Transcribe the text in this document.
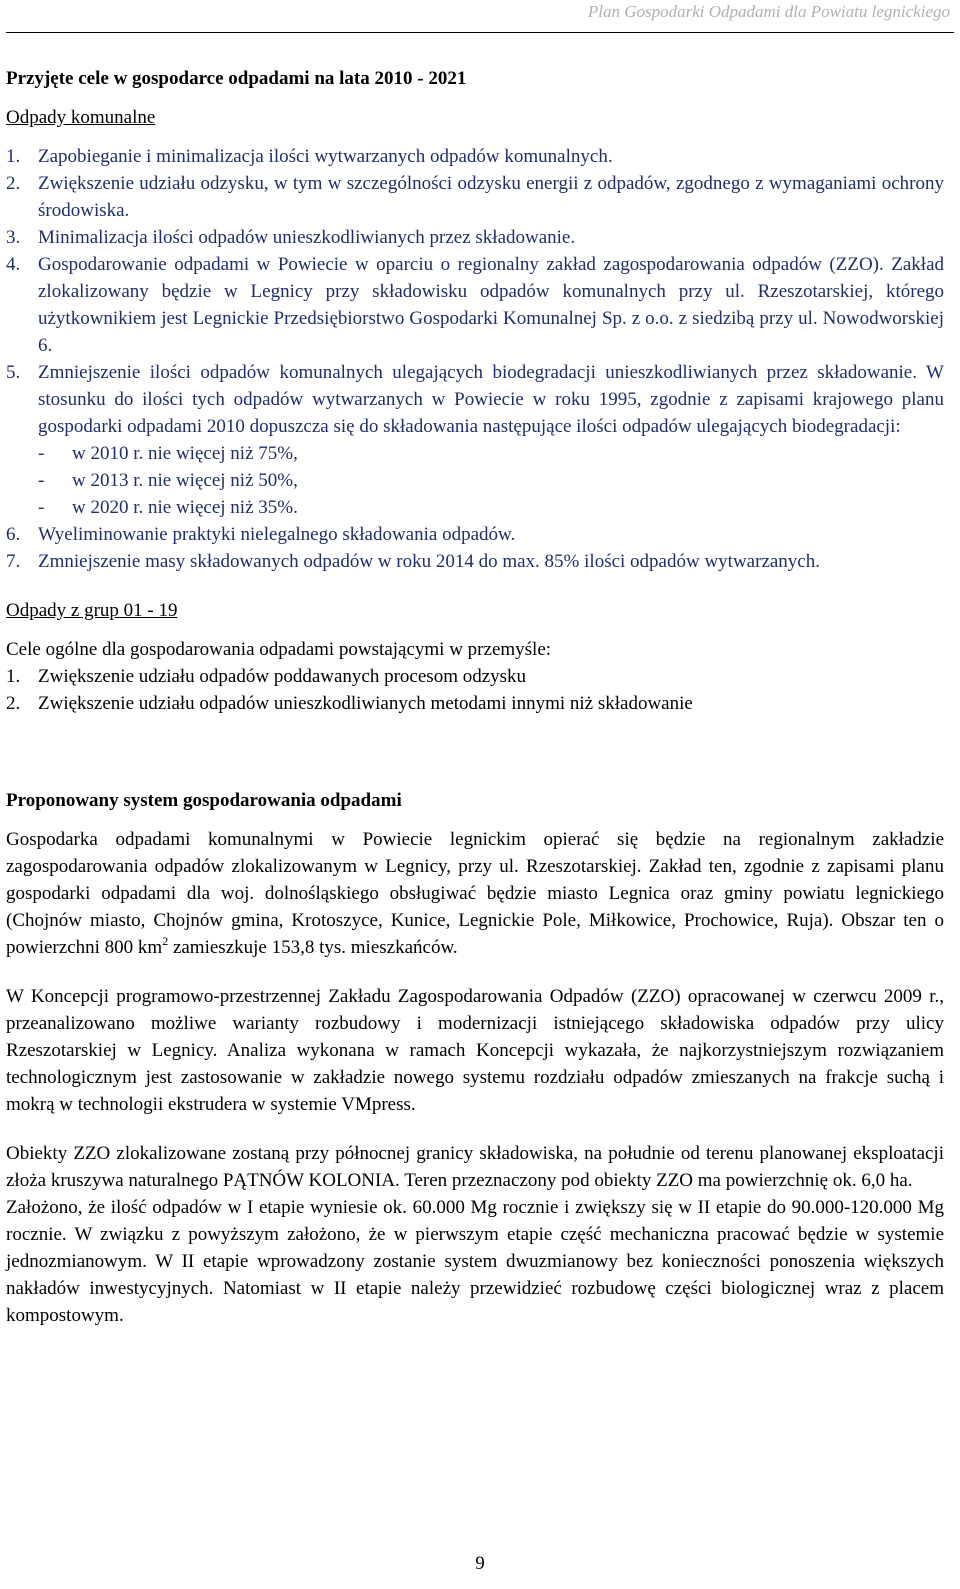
Plan Gospodarki Odpadami dla Powiatu legnickiego
Przyjęte cele w gospodarce odpadami na lata 2010 - 2021
Odpady komunalne
1. Zapobieganie i minimalizacja ilości wytwarzanych odpadów komunalnych.
2. Zwiększenie udziału odzysku, w tym w szczególności odzysku energii z odpadów, zgodnego z wymaganiami ochrony środowiska.
3. Minimalizacja ilości odpadów unieszkodliwianych przez składowanie.
4. Gospodarowanie odpadami w Powiecie w oparciu o regionalny zakład zagospodarowania odpadów (ZZO). Zakład zlokalizowany będzie w Legnicy przy składowisku odpadów komunalnych przy ul. Rzeszotarskiej, którego użytkownikiem jest Legnickie Przedsiębiorstwo Gospodarki Komunalnej Sp. z o.o. z siedzibą przy ul. Nowodworskiej 6.
5. Zmniejszenie ilości odpadów komunalnych ulegających biodegradacji unieszkodliwianych przez składowanie. W stosunku do ilości tych odpadów wytwarzanych w Powiecie w roku 1995, zgodnie z zapisami krajowego planu gospodarki odpadami 2010 dopuszcza się do składowania następujące ilości odpadów ulegających biodegradacji:
-	w 2010 r. nie więcej niż 75%,
-	w 2013 r. nie więcej niż 50%,
-	w 2020 r. nie więcej niż 35%.
6. Wyeliminowanie praktyki nielegalnego składowania odpadów.
7. Zmniejszenie masy składowanych odpadów w roku 2014 do max. 85% ilości odpadów wytwarzanych.
Odpady z grup 01 - 19

Cele ogólne dla gospodarowania odpadami powstającymi w przemyśle:

1. Zwiększenie udziału odpadów poddawanych procesom odzysku
2. Zwiększenie udziału odpadów unieszkodliwianych metodami innymi niż składowanie
Proponowany system gospodarowania odpadami

Gospodarka odpadami komunalnymi w Powiecie legnickim opierać się będzie na regionalnym zakładzie zagospodarowania odpadów zlokalizowanym w Legnicy, przy ul. Rzeszotarskiej. Zakład ten, zgodnie z zapisami planu gospodarki odpadami dla woj. dolnośląskiego obsługiwać będzie miasto Legnica oraz gminy powiatu legnickiego (Chojnów miasto, Chojnów gmina, Krotoszyce, Kunice, Legnickie Pole, Miłkowice, Prochowice, Ruja). Obszar ten o powierzchni 800 $km^2$ zamieszkuje 153,8 tys. mieszkańców.

W Koncepcji programowo-przestrzennej Zakładu Zagospodarowania Odpadów (ZZO) opracowanej w czerwcu 2009 r., przeanalizowano możliwe warianty rozbudowy i modernizacji istniejącego składowiska odpadów przy ulicy Rzeszotarskiej w Legnicy. Analiza wykonana w ramach Koncepcji wykazała, że najkorzystniejszym rozwiązaniem technologicznym jest zastosowanie w zakładzie nowego systemu rozdziału odpadów zmieszanych na frakcje suchą i mokrą w technologii ekstrudera w systemie VMpress.

Obiekty ZZO zlokalizowane zostaną przy północnej granicy składowiska, na południe od terenu planowanej eksploatacji złoża kruszywa naturalnego PĄTNÓW KOLONIA. Teren przeznaczony pod obiekty ZZO ma powierzchnię ok. 6,0 ha.

Założono, że ilość odpadów w I etapie wyniesie ok. 60.000 Mg rocznie i zwiększy się w II etapie do 90.000-120.000 Mg rocznie. W związku z powyższym założono, że w pierwszym etapie część mechaniczna pracować będzie w systemie jednozmianowym. W II etapie wprowadzony zostanie system dwuzmianowy bez konieczności ponoszenia większych nakładów inwestycyjnych. Natomiast w II etapie należy przewidzieć rozbudowę części biologicznej wraz z placem kompostowym.

9
